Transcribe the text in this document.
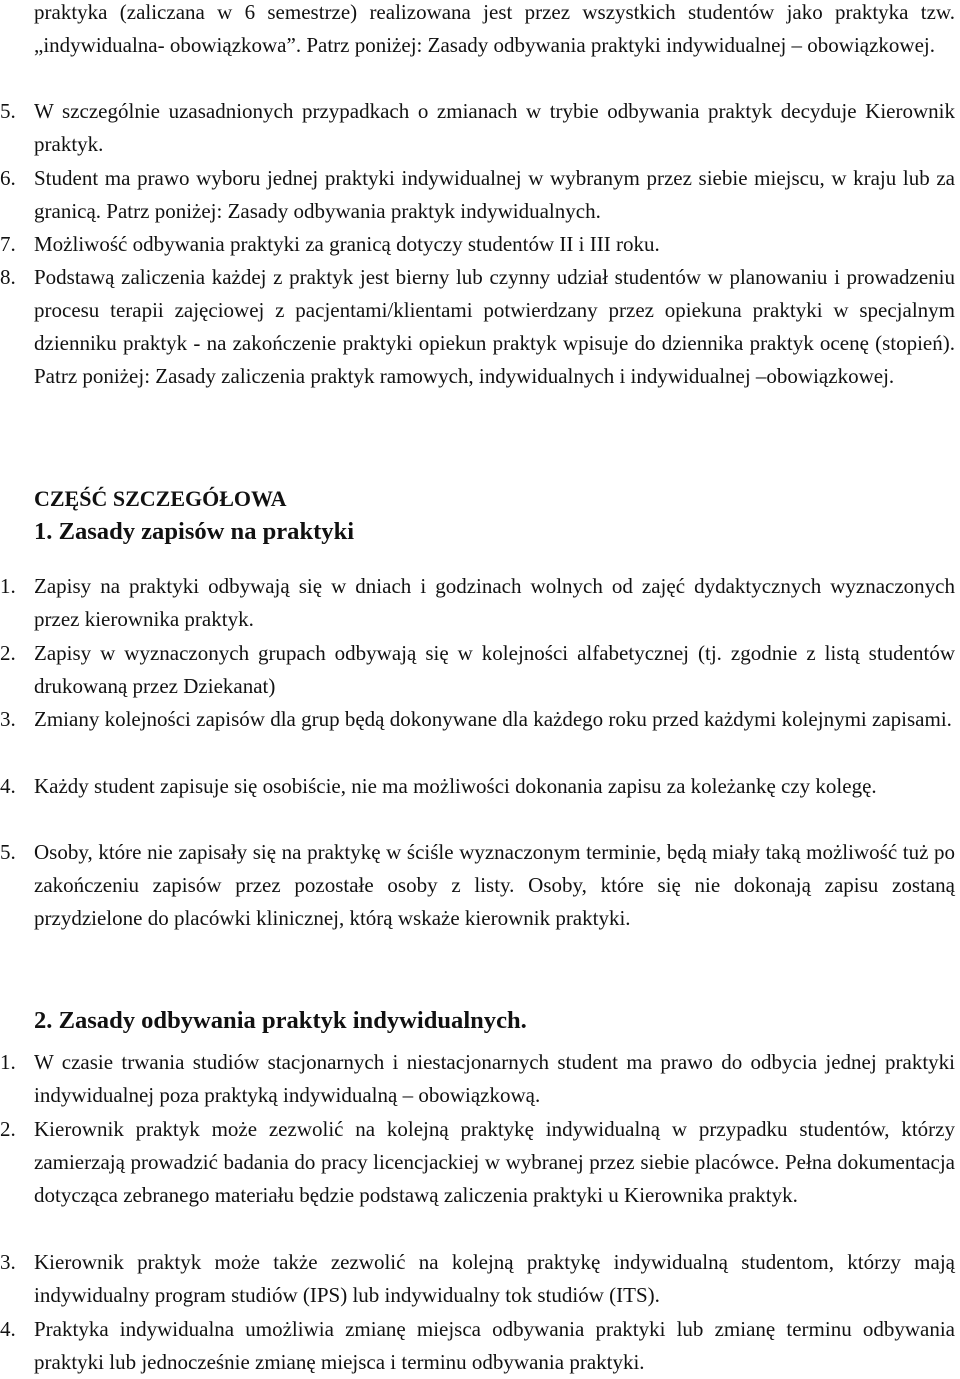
praktyka (zaliczana w 6 semestrze) realizowana jest przez wszystkich studentów jako praktyka tzw. „indywidualna- obowiązkowa”. Patrz poniżej: Zasady odbywania praktyki indywidualnej – obowiązkowej.

5. W szczególnie uzasadnionych przypadkach o zmianach w trybie odbywania praktyk decyduje Kierownik praktyk.

6. Student ma prawo wyboru jednej praktyki indywidualnej w wybranym przez siebie miejscu, w kraju lub za granicą. Patrz poniżej: Zasady odbywania praktyk indywidualnych.

7. Możliwość odbywania praktyki za granicą dotyczy studentów II i III roku.

8. Podstawą zaliczenia każdej z praktyk jest bierny lub czynny udział studentów w planowaniu i prowadzeniu procesu terapii zajęciowej z pacjentami/klientami potwierdzany przez opiekuna praktyki w specjalnym dzienniku praktyk - na zakończenie praktyki opiekun praktyk wpisuje do dziennika praktyk ocenę (stopień). Patrz poniżej: Zasady zaliczenia praktyk ramowych, indywidualnych i indywidualnej –obowiązkowej.

CZĘŚĆ SZCZEGÓŁOWA
1. Zasady zapisów na praktyki

1. Zapisy na praktyki odbywają się w dniach i godzinach wolnych od zajęć dydaktycznych wyznaczonych przez kierownika praktyk.

2. Zapisy w wyznaczonych grupach odbywają się w kolejności alfabetycznej (tj. zgodnie z listą studentów drukowaną przez Dziekanat)

3. Zmiany kolejności zapisów dla grup będą dokonywane dla każdego roku przed każdymi kolejnymi zapisami.

4. Każdy student zapisuje się osobiście, nie ma możliwości dokonania zapisu za koleżankę czy kolegę.

5. Osoby, które nie zapisały się na praktykę w ściśle wyznaczonym terminie, będą miały taką możliwość tuż po zakończeniu zapisów przez pozostałe osoby z listy. Osoby, które się nie dokonają zapisu zostaną przydzielone do placówki klinicznej, którą wskaże kierownik praktyki.

2. Zasady odbywania praktyk indywidualnych.

1. W czasie trwania studiów stacjonarnych i niestacjonarnych student ma prawo do odbycia jednej praktyki indywidualnej poza praktyką indywidualną – obowiązkową.

2. Kierownik praktyk może zezwolić na kolejną praktykę indywidualną w przypadku studentów, którzy zamierzają prowadzić badania do pracy licencjackiej w wybranej przez siebie placówce. Pełna dokumentacja dotycząca zebranego materiału będzie podstawą zaliczenia praktyki u Kierownika praktyk.

3. Kierownik praktyk może także zezwolić na kolejną praktykę indywidualną studentom, którzy mają indywidualny program studiów (IPS) lub indywidualny tok studiów (ITS).

4. Praktyka indywidualna umożliwia zmianę miejsca odbywania praktyki lub zmianę terminu odbywania praktyki lub jednocześnie zmianę miejsca i terminu odbywania praktyki.
